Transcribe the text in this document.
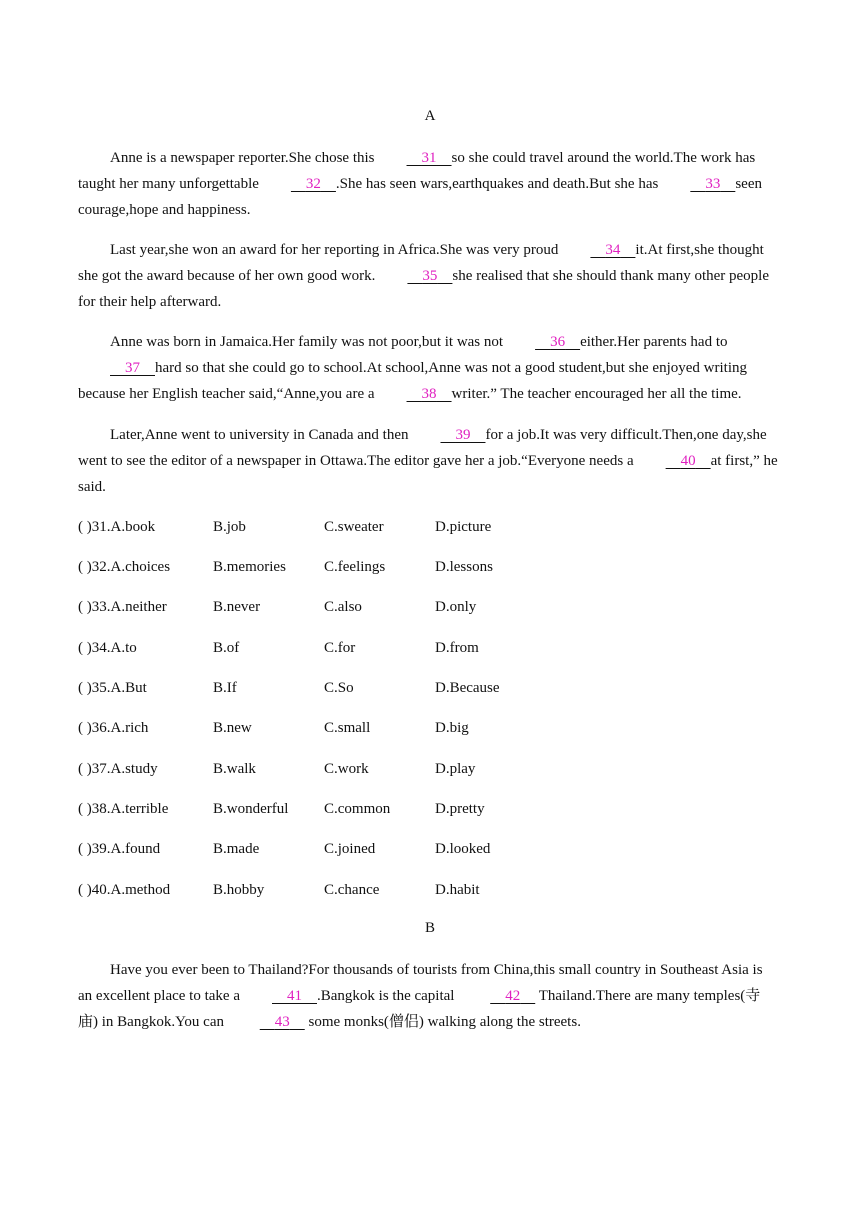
A

Anne is a newspaper reporter.She chose this	31 so she could travel around the world.The work has taught her many unforgettable	32 .She has seen wars,earthquakes and death.But she has	33 seen courage,hope and happiness.

Last year,she won an award for her reporting in Africa.She was very proud	34 it.At first,she thought she got the award because of her own good work.	35 she realised that she should thank many other people for their help afterward.

Anne was born in Jamaica.Her family was not poor,but it was not	36 either.Her parents had to    37 hard so that she could go to school.At school,Anne was not a good student,but she enjoyed writing because her English teacher said,“Anne,you are a	38 writer.” The teacher encouraged her all the time.

Later,Anne went to university in Canada and then	39 for a job.It was very difficult.Then,one day,she went to see the editor of a newspaper in Ottawa.The editor gave her a job.“Everyone needs a	40 at first,” he said.

( )31.A.book	B.job	C.sweater	D.picture
( )32.A.choices	B.memories	C.feelings	D.lessons
( )33.A.neither	B.never	C.also	D.only
( )34.A.to	B.of	C.for	D.from
( )35.A.But	B.If	C.So	D.Because
( )36.A.rich	B.new	C.small	D.big
( )37.A.study	B.walk	C.work	D.play
( )38.A.terrible	B.wonderful C.common	D.pretty
( )39.A.found	B.made	C.joined	D.looked
( )40.A.method	B.hobby	C.chance	D.habit
B

Have you ever been to Thailand?For thousands of tourists from China,this small country in Southeast Asia is an excellent place to take a	41 .Bangkok is the capital	42     Thailand.There are many temples(寺庙) in Bangkok.You can	43     some monks(僧侣) walking along the streets.
